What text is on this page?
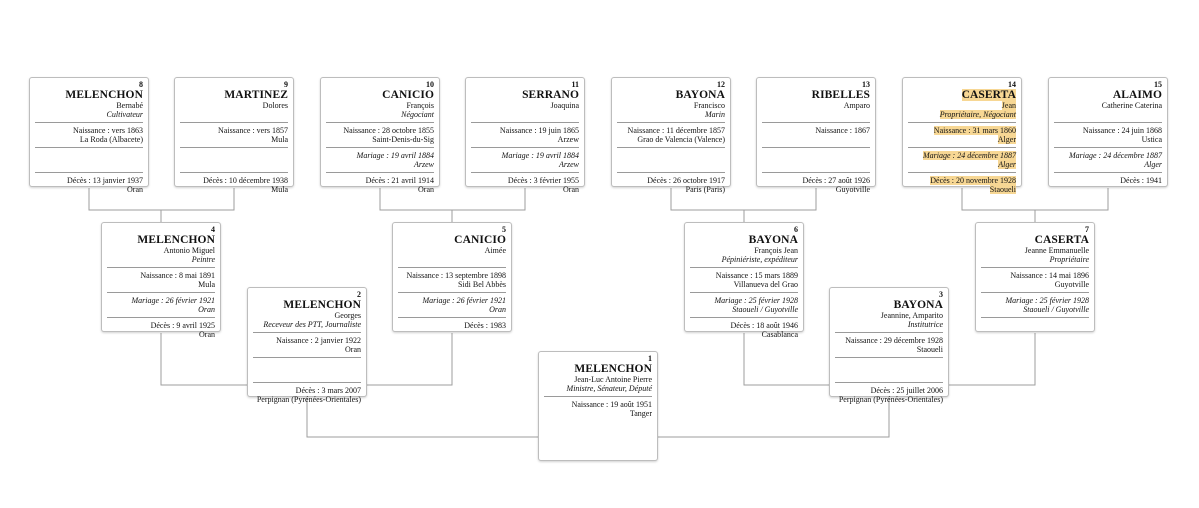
8
MELENCHON
Bernabé
Cultivateur
Naissance : vers 1863
La Roda (Albacete)
Décès : 13 janvier 1937
Oran
9
MARTINEZ
Dolores
Naissance : vers 1857
Mula
Décès : 10 décembre 1938
Mula
10
CANICIO
François
Négociant
Naissance : 28 octobre 1855
Saint-Denis-du-Sig
Mariage : 19 avril 1884
Arzew
Décès : 21 avril 1914
Oran
11
SERRANO
Joaquina
Naissance : 19 juin 1865
Arzew
Mariage : 19 avril 1884
Arzew
Décès : 3 février 1955
Oran
12
BAYONA
Francisco
Marin
Naissance : 11 décembre 1857
Grao de Valencia (Valence)
Décès : 26 octobre 1917
Paris (Paris)
13
RIBELLES
Amparo
Naissance : 1867
Décès : 27 août 1926
Guyotville
14
CASERTA
Jean
Propriétaire, Négociant
Naissance : 31 mars 1860
Alger
Mariage : 24 décembre 1887
Alger
Décès : 20 novembre 1928
Staoueli
15
ALAIMO
Catherine Caterina
Naissance : 24 juin 1868
Ustica
Mariage : 24 décembre 1887
Alger
Décès : 1941
4
MELENCHON
Antonio Miguel
Peintre
Naissance : 8 mai 1891
Mula
Mariage : 26 février 1921
Oran
Décès : 9 avril 1925
Oran
5
CANICIO
Aimée
Naissance : 13 septembre 1898
Sidi Bel Abbès
Mariage : 26 février 1921
Oran
Décès : 1983
6
BAYONA
François Jean
Pépiniériste, expéditeur
Naissance : 15 mars 1889
Villanueva del Grao
Mariage : 25 février 1928
Staoueli / Guyotville
Décès : 18 août 1946
Casablanca
7
CASERTA
Jeanne Emmanuelle
Propriétaire
Naissance : 14 mai 1896
Guyotville
Mariage : 25 février 1928
Staoueli / Guyotville
2
MELENCHON
Georges
Receveur des PTT, Journaliste
Naissance : 2 janvier 1922
Oran
Décès : 3 mars 2007
Perpignan (Pyrénées-Orientales)
3
BAYONA
Jeannine, Amparito
Institutrice
Naissance : 29 décembre 1928
Staoueli
Décès : 25 juillet 2006
Perpignan (Pyrénées-Orientales)
1
MELENCHON
Jean-Luc Antoine Pierre
Ministre, Sénateur, Député
Naissance : 19 août 1951
Tanger
